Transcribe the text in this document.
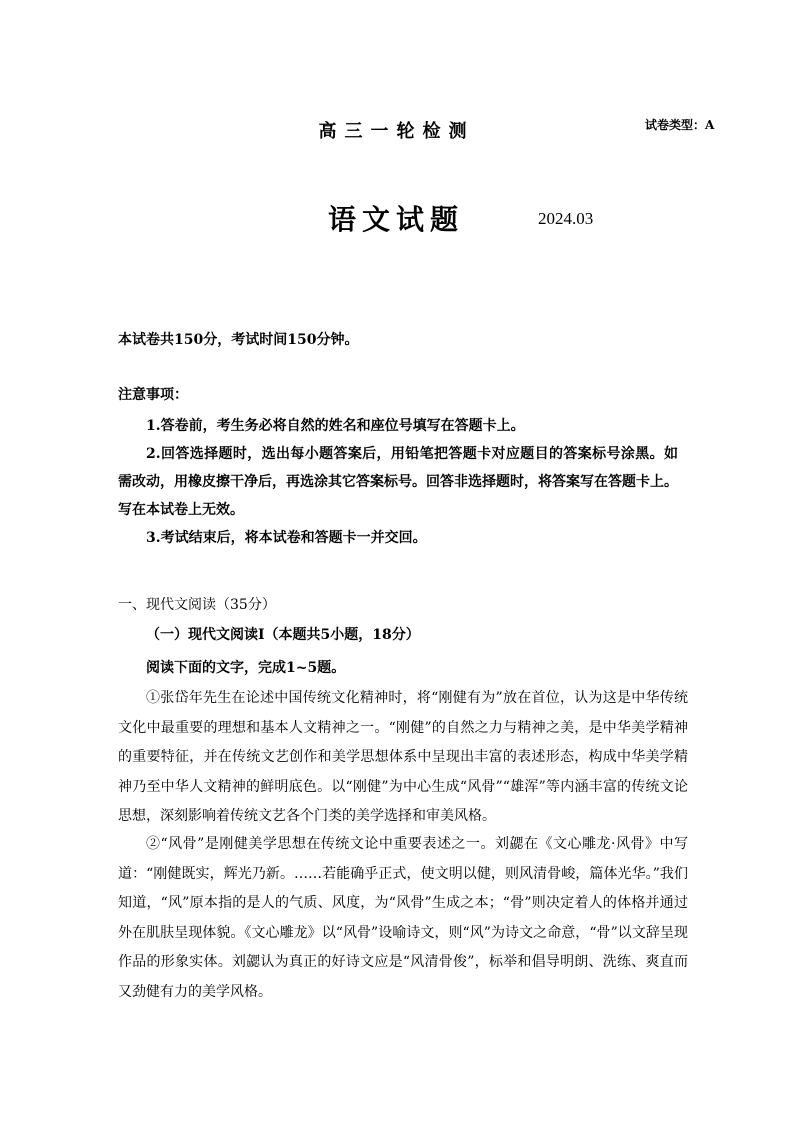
高三一轮检测	试卷类型：A
语文试题	2024.03
本试卷共150分，考试时间150分钟。
注意事项：
1.答卷前，考生务必将自然的姓名和座位号填写在答题卡上。
2.回答选择题时，选出每小题答案后，用铅笔把答题卡对应题目的答案标号涂黑。如需改动，用橡皮擦干净后，再选涂其它答案标号。回答非选择题时，将答案写在答题卡上。写在本试卷上无效。
3.考试结束后，将本试卷和答题卡一并交回。
一、现代文阅读（35分）
（一）现代文阅读I（本题共5小题，18分）
阅读下面的文字，完成1~5题。
①张岱年先生在论述中国传统文化精神时，将“刚健有为”放在首位，认为这是中华传统文化中最重要的理想和基本人文精神之一。“刚健”的自然之力与精神之美，是中华美学精神的重要特征，并在传统文艺创作和美学思想体系中呈现出丰富的表述形态，构成中华美学精神乃至中华人文精神的鲜明底色。以“刚健”为中心生成“风骨”“雄浑”等内涵丰富的传统文论思想，深刻影响着传统文艺各个门类的美学选择和审美风格。
②“风骨”是刚健美学思想在传统文论中重要表述之一。刘勰在《文心雕龙·风骨》中写道：“刚健既实，辉光乃新。……若能确乎正式，使文明以健，则风清骨峻，篇体光华。”我们知道，“风”原本指的是人的气质、风度，为“风骨”生成之本；“骨”则决定着人的体格并通过外在肌肤呈现体貌。《文心雕龙》以“风骨”设喻诗文，则“风”为诗文之命意，“骨”以文辞呈现作品的形象实体。刘勰认为真正的好诗文应是“风清骨俊”，标举和倡导明朗、洗练、爽直而又劲健有力的美学风格。
